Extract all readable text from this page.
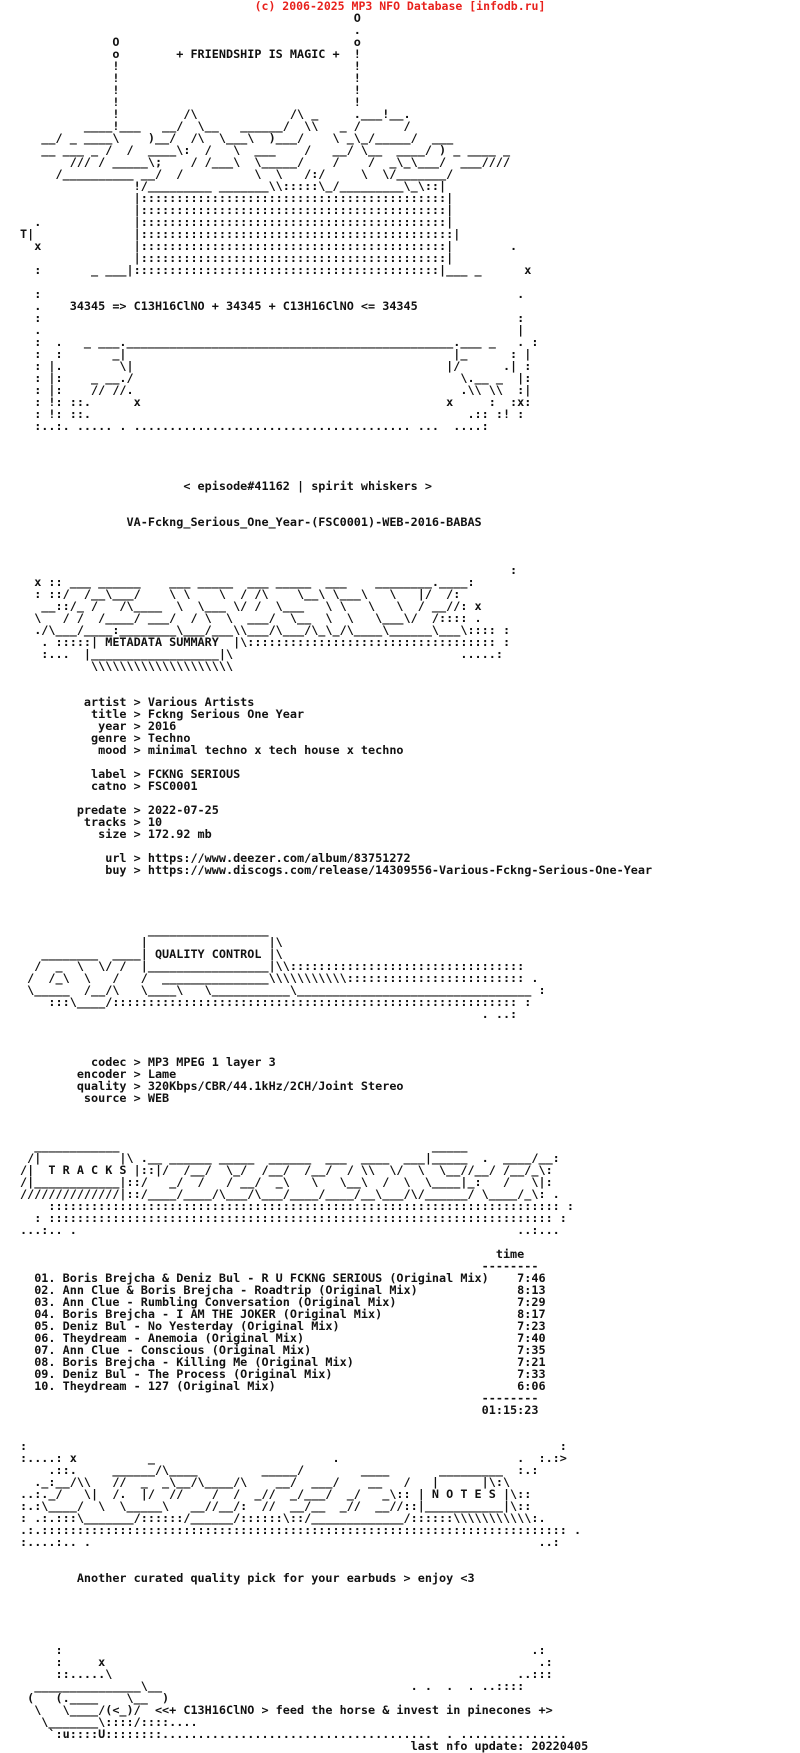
(c) 2006-2025 MP3 NFO Database [infodb.ru]
O
.
O                                 o
o        + FRIENDSHIP IS MAGIC +  !
!                                 !
!                                 !
!                                 !
!                                 !
!         /\             /\ _     .___!__.
____!___   __/  \__   ______/  \\   _ /      /
__/ _ ____\    )__/  /\  \___\  )___/    \ _\_/_____/  ___
__ ___ _ /  /  ____\:  /   \  ___    /   __/ \__  ____/ ) _ ____ _
/// / _____\;    / /___\  \_____/    /    /  _\_\___/  ___////
/__________ __/  /          \  \   /:/     \  \/_______/
!/_________ _______\\:::::\_/_________\_\::|
|:::::::::::::::::::::::::::::::::::::::::::|
|:::::::::::::::::::::::::::::::::::::::::::|
.             |:::::::::::::::::::::::::::::::::::::::::::|
T|              |::::::::::::::::::::::::::::::::::::::::::::|
x             |:::::::::::::::::::::::::::::::::::::::::::|        .
|:::::::::::::::::::::::::::::::::::::::::::|
:       _ ___|:::::::::::::::::::::::::::::::::::::::::::|___ _      x

:                                                                   .
.    34345 => C13H16ClNO + 34345 + C13H16ClNO <= 34345
:                                                                   :
.                                                                   |
:  .   _ ___.______________________________________________.___ _   . :
:  :       _|                                              |_      : |
: |.        \|                                            |/      .| :
: |:    _ __./                                              \.__ _  |:
: |:    // //.                                              .\\ \\  :|
: !: ::.      x                                           x     :  :x:
: !: ::.                                                     .:: :! :
:..:. ..... . ....................................... ...  ....:

< episode#41162 | spirit whiskers >

VA-Fckng_Serious_One_Year-(FSC0001)-WEB-2016-BABAS

:
x :: ___ ______    ___ _____  ___ _____  ___    ________.____:
: ::/  /__\___/    \ \    \  / /\    \__\ \___\   \   |/  /:
__::/_ /   /\____  \  \___ \/ /  \___   \ \   \   \  / __//: x
\   / /  /____/ ___/  / \  \  ___/  \__  \  \   \___\/  /:::: .
./\___/____:________\___/___\\___/\___/\_\_/\____\______\___\:::: :
. :::::| METADATA SUMMARY  |\::::::::::::::::::::::::::::::::::: :
:...  |__________________|\                                .....:
\\\\\\\\\\\\\\\\\\\\

artist > Various Artists
title > Fckng Serious One Year
year > 2016
genre > Techno
mood > minimal techno x tech house x techno

label > FCKNG SERIOUS
catno > FSC0001

predate > 2022-07-25
tracks > 10
size > 172.92 mb

url > https://www.deezer.com/album/83751272
buy > https://www.discogs.com/release/14309556-Various-Fckng-Serious-One-Year

_________________
|                 |\
________  ____| QUALITY CONTROL |\
/  _  \  \/ /  |_________________|\\:::::::::::::::::::::::::::::::::
/  /_\  \   /   /  _______________\\\\\\\\\\\::::::::::::::::::::::::: .
\_____  /__/\   \____\   \___________\_________________________________ :
:::\____/::::::::::::::::::::::::::::::::::::::::::::::::::::::::: :
. ..:

codec > MP3 MPEG 1 layer 3
encoder > Lame
quality > 320Kbps/CBR/44.1kHz/2CH/Joint Stereo
source > WEB

____________                                            _____
/|           |\ .__ ______ _____  ______  ___  ____  ___|_____  .  ____/__:
/|  T R A C K S |::|/  /__/  \_/  /__/  /__/  / \\  \/  \  \__//__/ /__/_\:
/|____________|::/   _/  /   / __/  _\   \   \__\  /  \  \____|_:   /   \|:
//////////////|::/____/____/\___/\___/____/____/__\___/\/______/ \____/_\: .
:::::::::::::::::::::::::::::::::::::::::::::::::::::::::::::::::::::::: :
: ::::::::::::::::::::::::::::::::::::::::::::::::::::::::::::::::::::::: :
...:.. .                                                              ..:...

time
--------
01. Boris Brejcha & Deniz Bul - R U FCKNG SERIOUS (Original Mix)    7:46
02. Ann Clue & Boris Brejcha - Roadtrip (Original Mix)              8:13
03. Ann Clue - Rumbling Conversation (Original Mix)                 7:29
04. Boris Brejcha - I AM THE JOKER (Original Mix)                   8:17
05. Deniz Bul - No Yesterday (Original Mix)                         7:23
06. Theydream - Anemoia (Original Mix)                              7:40
07. Ann Clue - Conscious (Original Mix)                             7:35
08. Boris Brejcha - Killing Me (Original Mix)                       7:21
09. Deniz Bul - The Process (Original Mix)                          7:33
10. Theydream - 127 (Original Mix)                                  6:06
--------
01:15:23

:                                                                           :
:....: x          _                         .                         .  :.:>
.::.     ______/\____         _____/        ____       _________  :.:
._:__/\\   //  _  _\__/\____/\    __/  ___/    __   /   |      |\:\
..:._/   \|  /.  |/  //    /  /  _//  _/___/  _/   _\:: | N O T E S |\::
:.:\____/  \  \_____\   __//__/:  //  __/__  _//  __//::|___________|\::
: .:.:::\_______/::::::/______/::::::\::/_____________/::::::\\\\\\\\\\\:.
.:.:::::::::::::::::::::::::::::::::::::::::::::::::::::::::::::::::::::::::: .
:....:.. .                                                               ..:

Another curated quality pick for your earbuds > enjoy <3

:                                                                  .:
:     x                                                             .:
::.....\                                                         ..:::
_______________\__                                   . .  .  . ..::::
(   (.____    \__  )
\   \____/(<_)/  <<+ C13H16ClNO > feed the horse & invest in pinecones +>
\_______\::::/::::....
`:u::::U::::::::......................................  . ...............
last nfo update: 20220405
